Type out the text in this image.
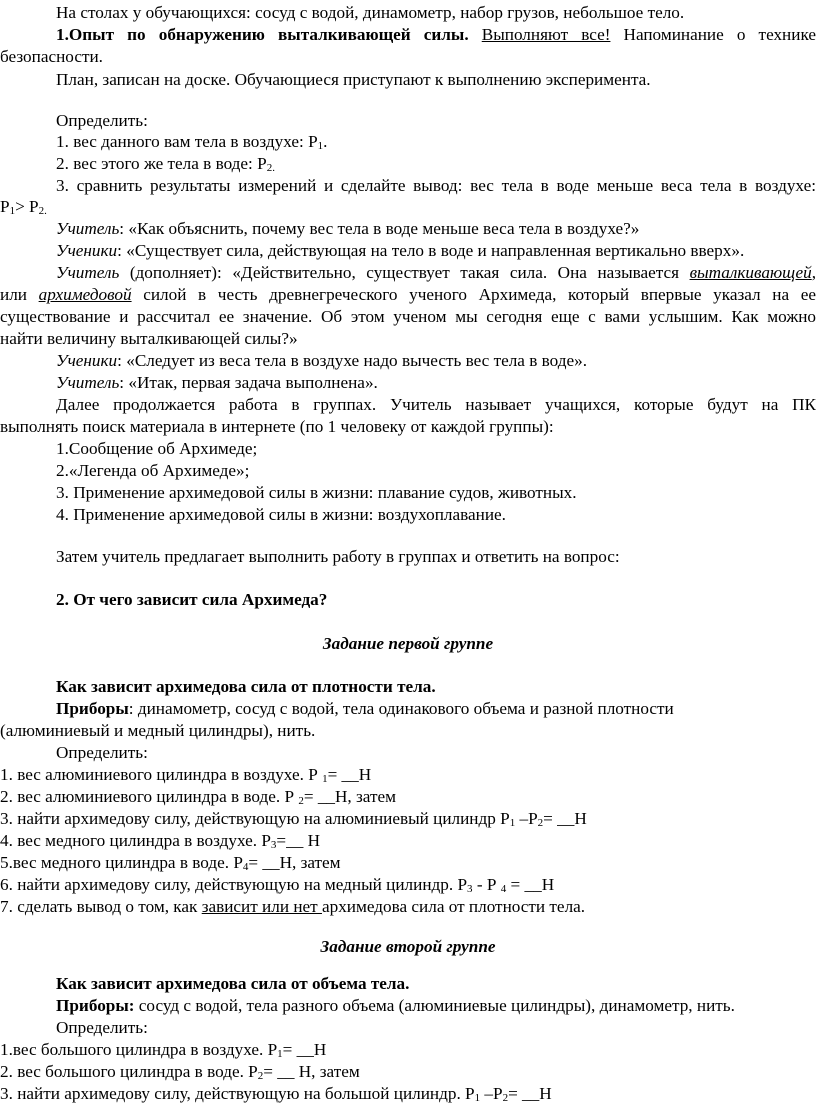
На столах у обучающихся: сосуд с водой, динамометр, набор грузов, небольшое тело.
1.Опыт по обнаружению выталкивающей силы. Выполняют все! Напоминание о технике
безопасности.
План, записан на доске. Обучающиеся приступают к выполнению эксперимента.
Определить:
1. вес данного вам тела в воздухе: $Р_1$.
2. вес этого же тела в воде: $Р_{2.}$
3. сравнить результаты измерений и сделайте вывод: вес тела в воде меньше веса тела в воздухе:
$Р_1> Р_{2.}$
Учитель: «Как объяснить, почему вес тела в воде меньше веса тела в воздухе?»
Ученики: «Существует сила, действующая на тело в воде и направленная вертикально вверх».
Учитель (дополняет): «Действительно, существует такая сила. Она называется выталкивающей,
или архимедовой силой в честь древнегреческого ученого Архимеда, который впервые указал на ее
существование и рассчитал ее значение. Об этом ученом мы сегодня еще с вами услышим. Как можно
найти величину выталкивающей силы?»
Ученики: «Следует из веса тела в воздухе надо вычесть вес тела в воде».
Учитель: «Итак, первая задача выполнена».
Далее продолжается работа в группах. Учитель называет учащихся, которые будут на ПК
выполнять поиск материала в интернете (по 1 человеку от каждой группы):
1.Сообщение об Архимеде;
2.«Легенда об Архимеде»;
3. Применение архимедовой силы в жизни: плавание судов, животных.
4. Применение архимедовой силы в жизни: воздухоплавание.
Затем учитель предлагает выполнить работу в группах и ответить на вопрос:
2. От чего зависит сила Архимеда?
Задание первой группе
Как зависит архимедова сила от плотности тела.
Приборы: динамометр, сосуд с водой, тела одинакового объема и разной плотности
(алюминиевый и медный цилиндры), нить.
Определить:
1. вес алюминиевого цилиндра в воздухе. Р $_1$= __Н
2. вес алюминиевого цилиндра в воде. Р $_2$= __Н, затем
3. найти архимедову силу, действующую на алюминиевый цилиндр $Р_1$ $-Р_2=$ __Н
4. вес медного цилиндра в воздухе. $Р_3=\_\_$ Н
5.вес медного цилиндра в воде. $Р_4=$ __Н, затем
6. найти архимедову силу, действующую на медный цилиндр. $Р_3$ - Р $_4$ = __Н
7. сделать вывод о том, как зависит или нет архимедова сила от плотности тела.
Задание второй группе
Как зависит архимедова сила от объема тела.
Приборы: сосуд с водой, тела разного объема (алюминиевые цилиндры), динамометр, нить.
Определить:
1.вес большого цилиндра в воздухе. $Р_1=$ __Н
2. вес большого цилиндра в воде. $Р_2=$ __ Н, затем
3. найти архимедову силу, действующую на большой цилиндр. $Р_1$ $-Р_2=$ __Н
